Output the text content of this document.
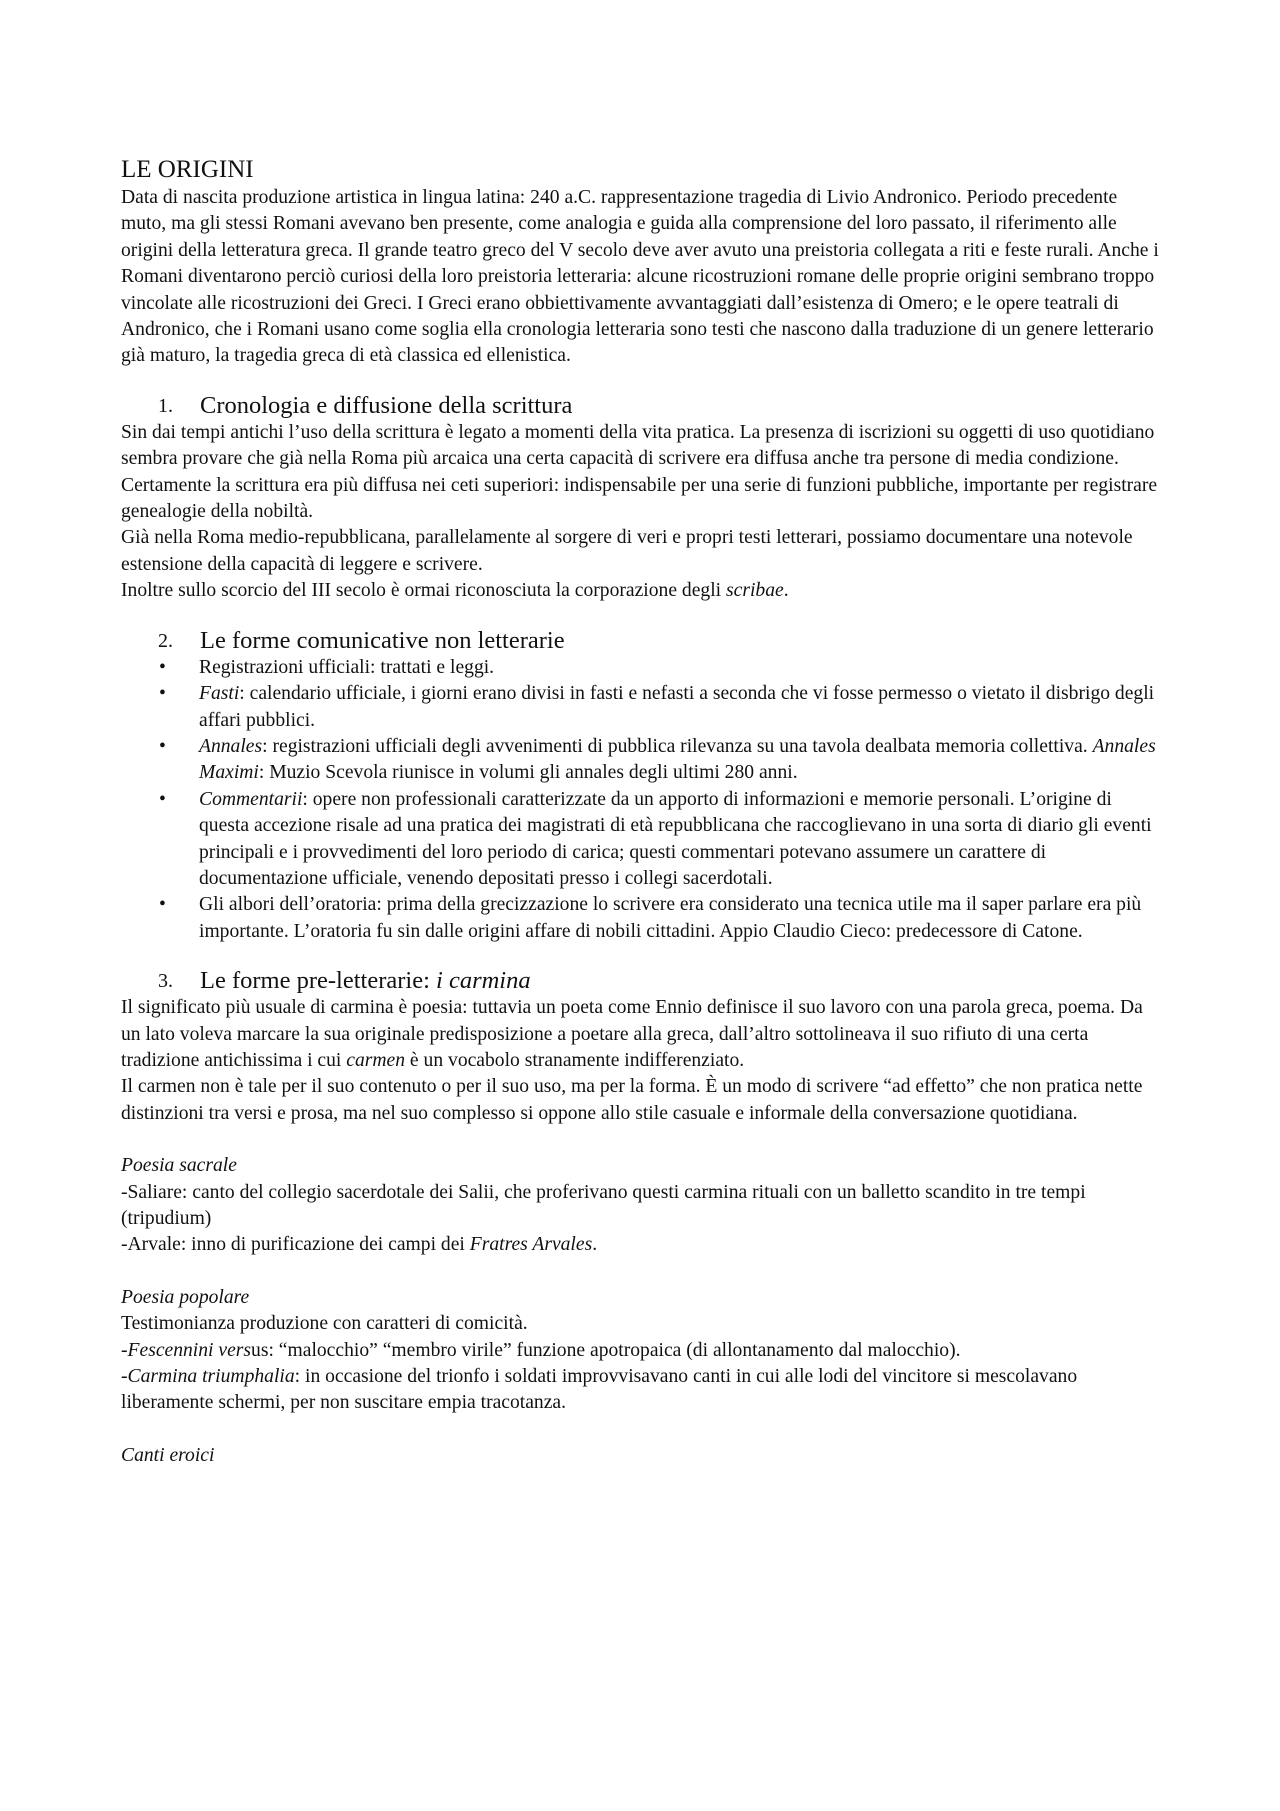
LE ORIGINI

Data di nascita produzione artistica in lingua latina: 240 a.C. rappresentazione tragedia di Livio Andronico. Periodo precedente muto, ma gli stessi Romani avevano ben presente, come analogia e guida alla comprensione del loro passato, il riferimento alle origini della letteratura greca. Il grande teatro greco del V secolo deve aver avuto una preistoria collegata a riti e feste rurali. Anche i Romani diventarono perciò curiosi della loro preistoria letteraria: alcune ricostruzioni romane delle proprie origini sembrano troppo vincolate alle ricostruzioni dei Greci. I Greci erano obbiettivamente avvantaggiati dall’esistenza di Omero; e le opere teatrali di Andronico, che i Romani usano come soglia ella cronologia letteraria sono testi che nascono dalla traduzione di un genere letterario già maturo, la tragedia greca di età classica ed ellenistica.

1.	Cronologia e diffusione della scrittura

Sin dai tempi antichi l’uso della scrittura è legato a momenti della vita pratica. La presenza di iscrizioni su oggetti di uso quotidiano sembra provare che già nella Roma più arcaica una certa capacità di scrivere era diffusa anche tra persone di media condizione. Certamente la scrittura era più diffusa nei ceti superiori: indispensabile per una serie di funzioni pubbliche, importante per registrare genealogie della nobiltà.

Già nella Roma medio-repubblicana, parallelamente al sorgere di veri e propri testi letterari, possiamo documentare una notevole estensione della capacità di leggere e scrivere.

Inoltre sullo scorcio del III secolo è ormai riconosciuta la corporazione degli scribae.

2.	Le forme comunicative non letterarie
• Registrazioni ufficiali: trattati e leggi.
• Fasti: calendario ufficiale, i giorni erano divisi in fasti e nefasti a seconda che vi fosse permesso o vietato il disbrigo degli affari pubblici.
• Annales: registrazioni ufficiali degli avvenimenti di pubblica rilevanza su una tavola dealbata memoria collettiva. Annales Maximi: Muzio Scevola riunisce in volumi gli annales degli ultimi 280 anni.
• Commentarii: opere non professionali caratterizzate da un apporto di informazioni e memorie personali. L’origine di questa accezione risale ad una pratica dei magistrati di età repubblicana che raccoglievano in una sorta di diario gli eventi principali e i provvedimenti del loro periodo di carica; questi commentari potevano assumere un carattere di documentazione ufficiale, venendo depositati presso i collegi sacerdotali.
• Gli albori dell’oratoria: prima della grecizzazione lo scrivere era considerato una tecnica utile ma il saper parlare era più importante. L’oratoria fu sin dalle origini affare di nobili cittadini. Appio Claudio Cieco: predecessore di Catone.
3.	Le forme pre-letterarie: i carmina

Il significato più usuale di carmina è poesia: tuttavia un poeta come Ennio definisce il suo lavoro con una parola greca, poema. Da un lato voleva marcare la sua originale predisposizione a poetare alla greca, dall’altro sottolineava il suo rifiuto di una certa tradizione antichissima i cui carmen è un vocabolo stranamente indifferenziato.

Il carmen non è tale per il suo contenuto o per il suo uso, ma per la forma. È un modo di scrivere “ad effetto” che non pratica nette distinzioni tra versi e prosa, ma nel suo complesso si oppone allo stile casuale e informale della conversazione quotidiana.

Poesia sacrale

-Saliare: canto del collegio sacerdotale dei Salii, che proferivano questi carmina rituali con un balletto scandito in tre tempi (tripudium)

-Arvale: inno di purificazione dei campi dei Fratres Arvales.

Poesia popolare

Testimonianza produzione con caratteri di comicità.

-Fescennini versus: “malocchio” “membro virile” funzione apotropaica (di allontanamento dal malocchio).

-Carmina triumphalia: in occasione del trionfo i soldati improvvisavano canti in cui alle lodi del vincitore si mescolavano liberamente schermi, per non suscitare empia tracotanza.

Canti eroici
